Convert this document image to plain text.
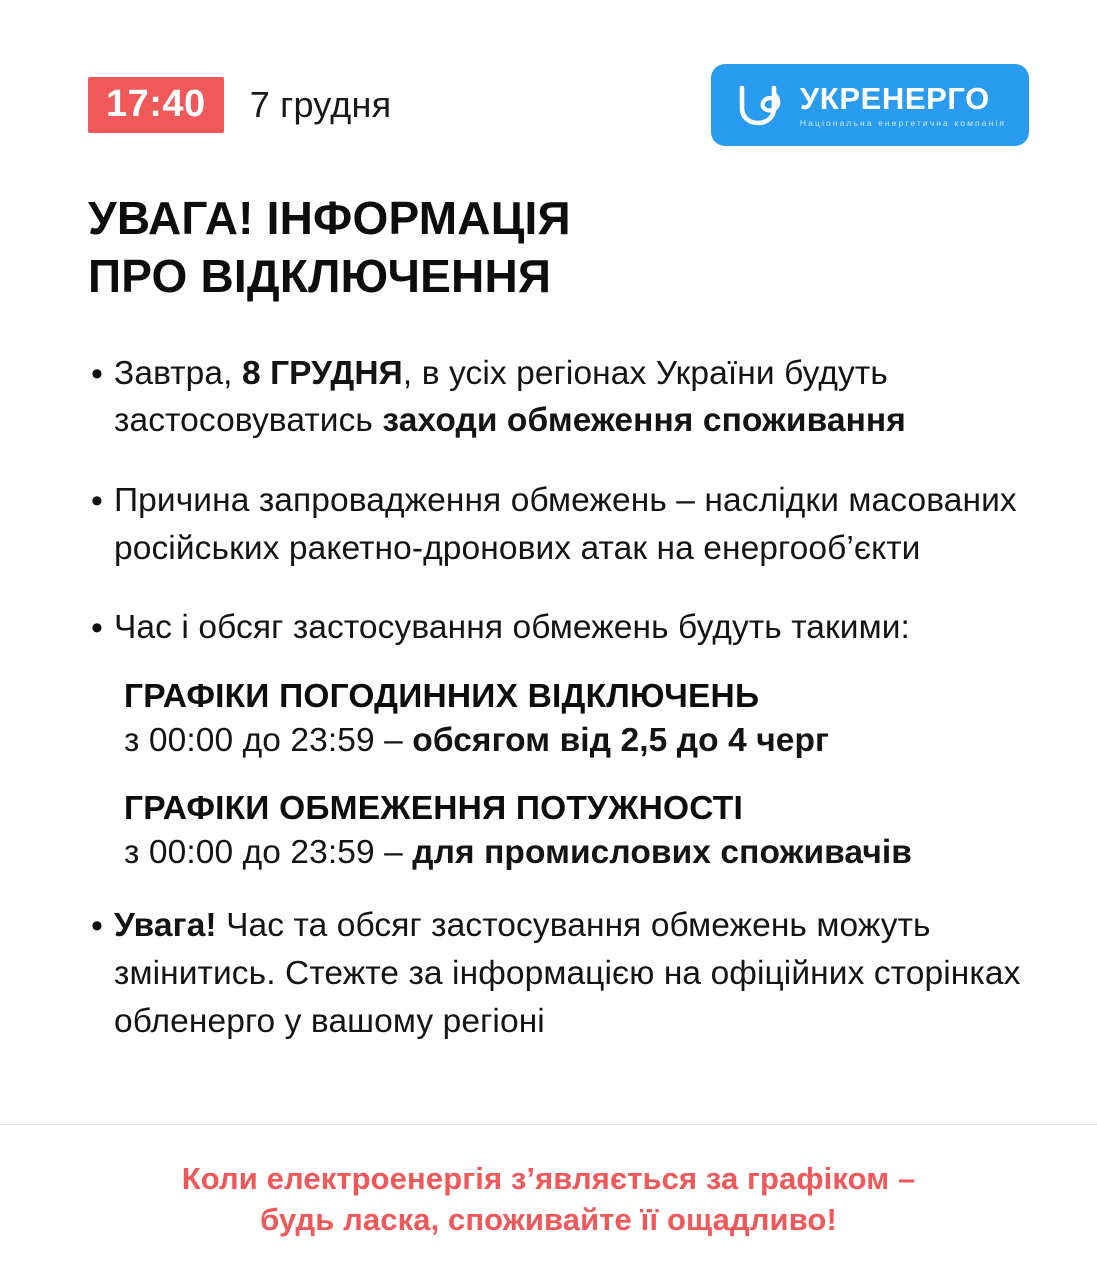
17:40	7 грудня	УКРЕНЕРГО
Національна енергетична компанія
УВАГА! ІНФОРМАЦІЯ
ПРО ВІДКЛЮЧЕННЯ
• Завтра, 8 ГРУДНЯ, в усіх регіонах України будуть застосовуватись заходи обмеження споживання
• Причина запровадження обмежень – наслідки масованих російських ракетно-дронових атак на енергооб’єкти
• Час і обсяг застосування обмежень будуть такими:
ГРАФІКИ ПОГОДИННИХ ВІДКЛЮЧЕНЬ
з 00:00 до 23:59 – обсягом від 2,5 до 4 черг
ГРАФІКИ ОБМЕЖЕННЯ ПОТУЖНОСТІ
з 00:00 до 23:59 – для промислових споживачів
• Увага! Час та обсяг застосування обмежень можуть змінитись. Стежте за інформацією на офіційних сторінках обленерго у вашому регіоні
Коли електроенергія з’являється за графіком –
будь ласка, споживайте її ощадливо!
